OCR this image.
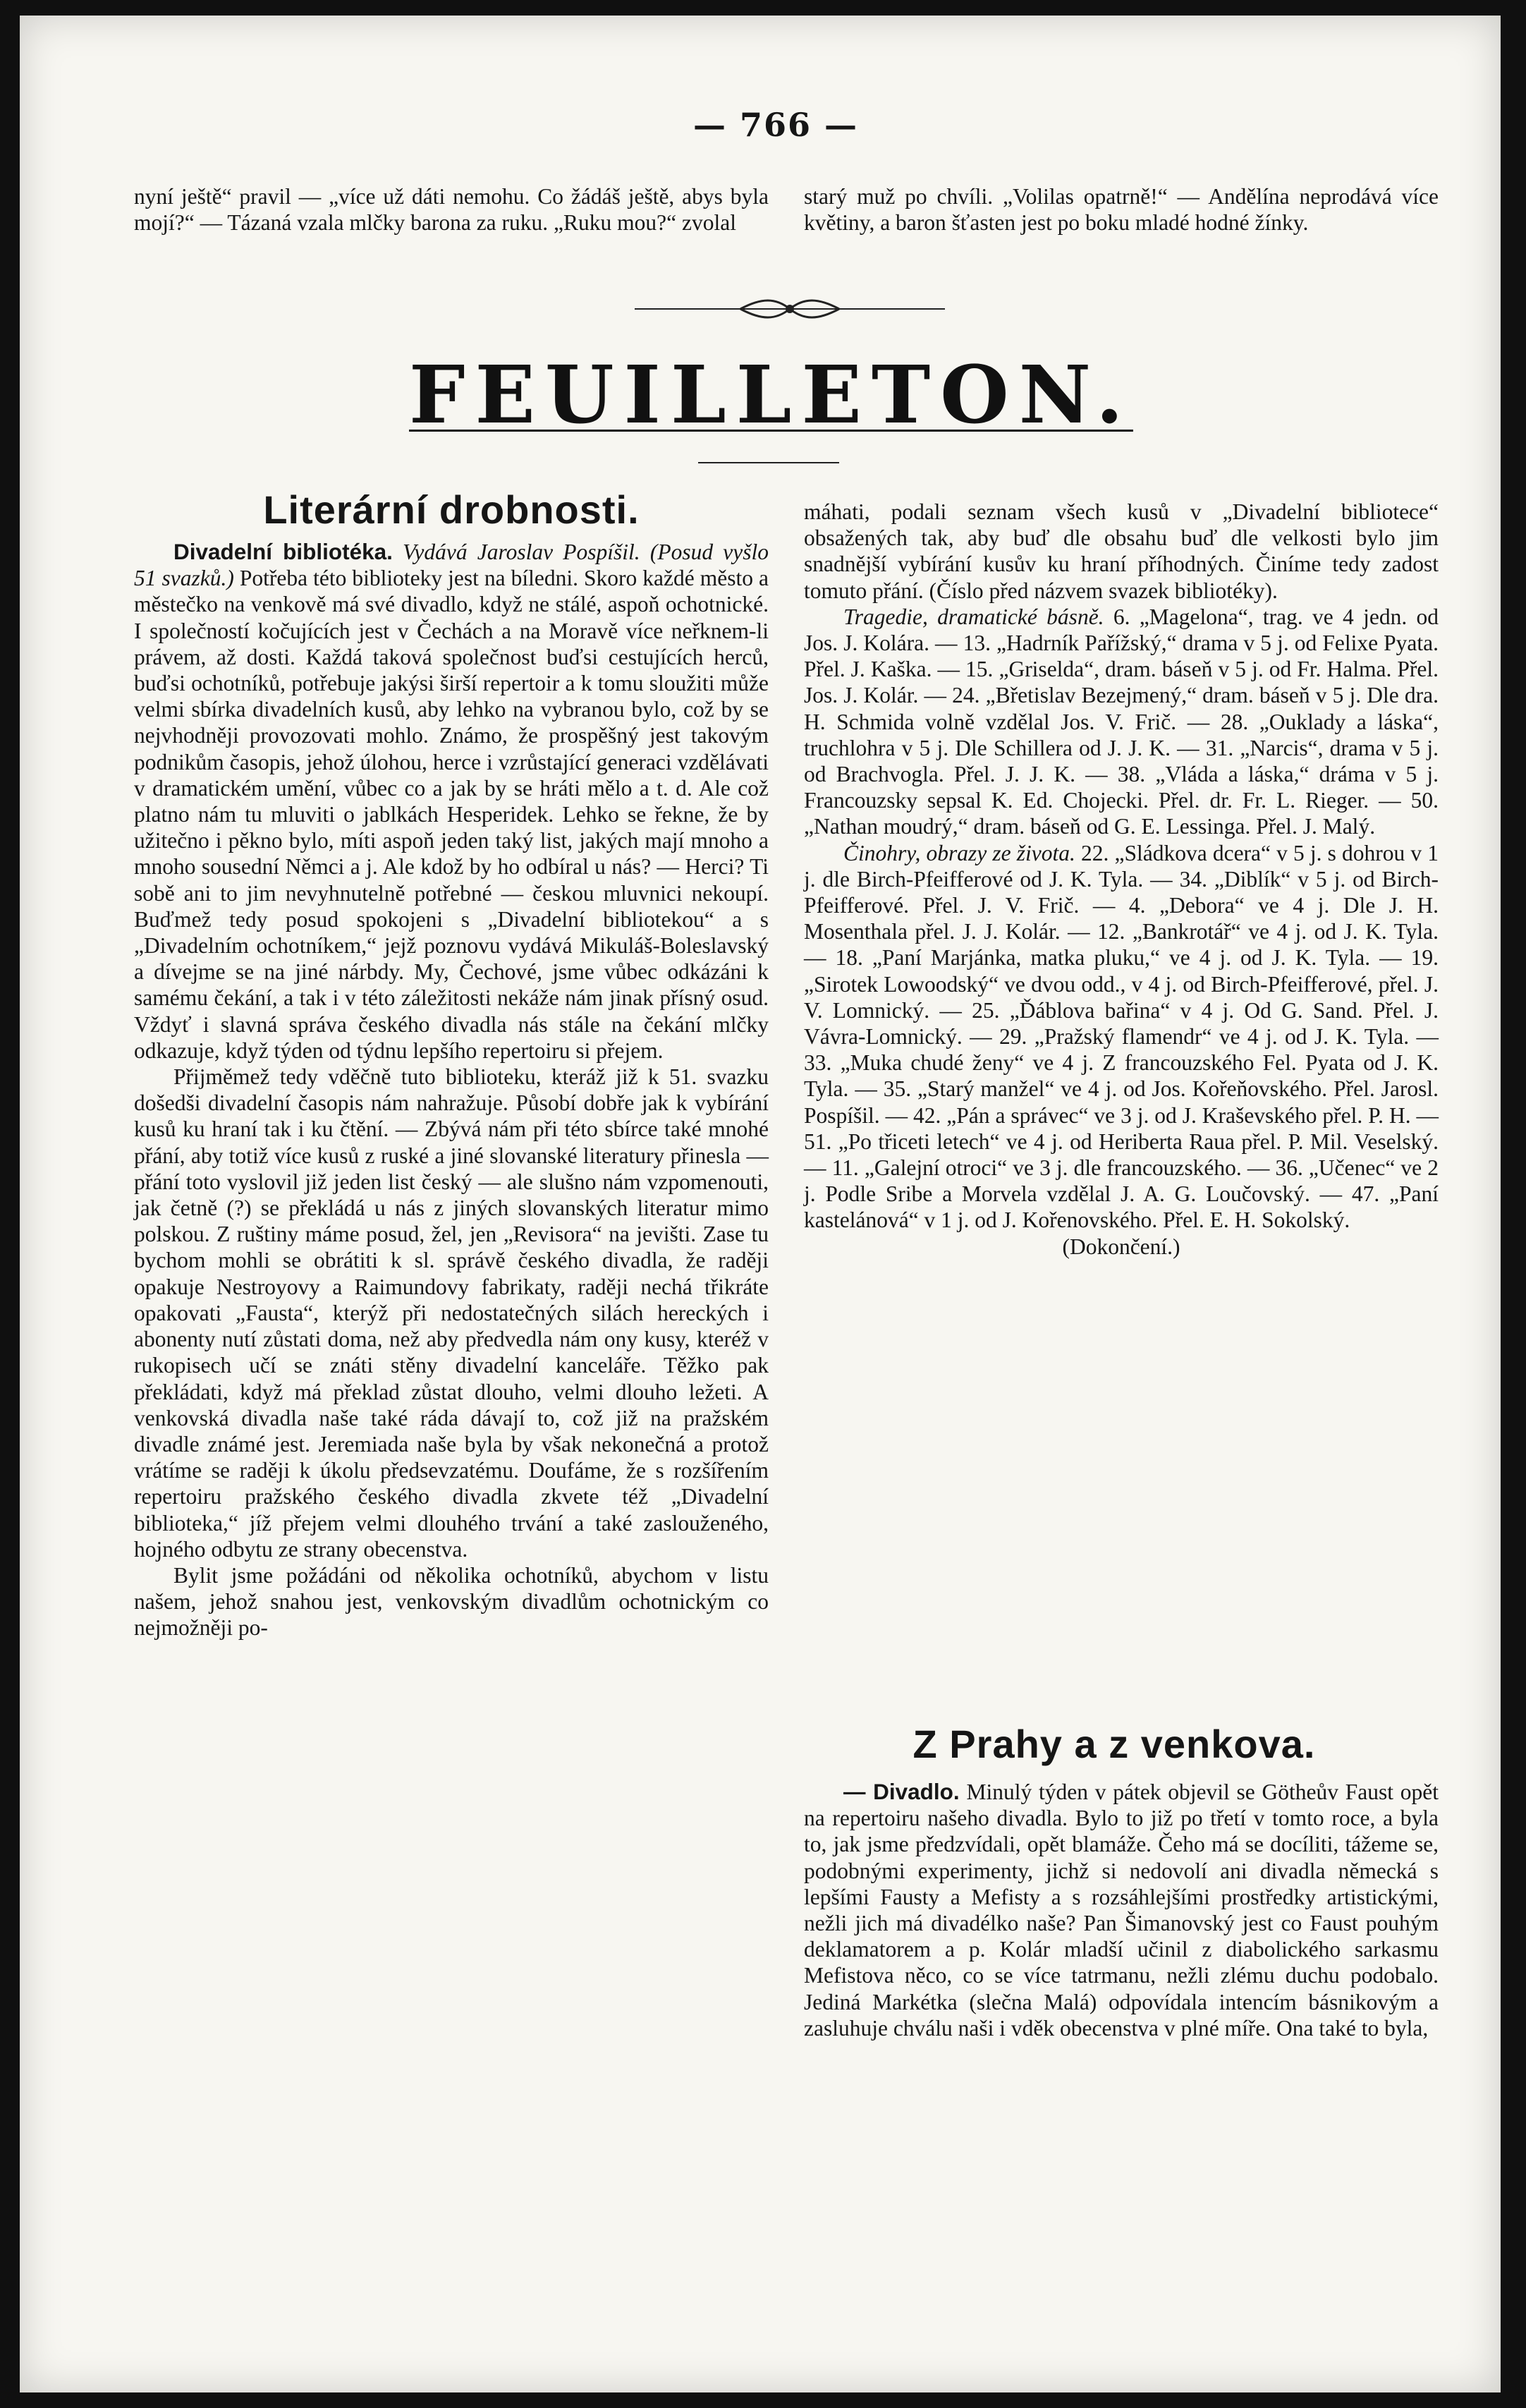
— 766 —

nyní ještě“ pravil — „více už dáti nemohu. Co žádáš ještě, abys byla mojí?“ — Tázaná vzala mlčky barona za ruku. „Ruku mou?“ zvolal

starý muž po chvíli. „Volilas opatrně!“ — Andělína neprodává více květiny, a baron šťasten jest po boku mladé hodné žínky.

FEUILLETON.
Literární drobnosti.

Divadelní bibliotéka. Vydává Jaroslav Pospíšil. (Posud vyšlo 51 svazků.) Potřeba této biblioteky jest na bíledni. Skoro každé město a městečko na venkově má své divadlo, když ne stálé, aspoň ochotnické. I společností kočujících jest v Čechách a na Moravě více neřknem-li právem, až dosti. Každá taková společnost buďsi cestujících herců, buďsi ochotníků, potřebuje jakýsi širší repertoir a k tomu sloužiti může velmi sbírka divadelních kusů, aby lehko na vybranou bylo, což by se nejvhodněji provozovati mohlo. Známo, že prospěšný jest takovým podnikům časopis, jehož úlohou, herce i vzrůstající generaci vzdělávati v dramatickém umění, vůbec co a jak by se hráti mělo a t. d. Ale což platno nám tu mluviti o jablkách Hesperidek. Lehko se řekne, že by užitečno i pěkno bylo, míti aspoň jeden taký list, jakých mají mnoho a mnoho sousední Němci a j. Ale kdož by ho odbíral u nás? — Herci? Ti sobě ani to jim nevyhnutelně potřebné — českou mluvnici nekoupí. Buďmež tedy posud spokojeni s „Divadelní bibliotekou“ a s „Divadelním ochotníkem,“ jejž poznovu vydává Mikuláš-Boleslavský a dívejme se na jiné nárbdy. My, Čechové, jsme vůbec odkázáni k samému čekání, a tak i v této záležitosti nekáže nám jinak přísný osud. Vždyť i slavná správa českého divadla nás stále na čekání mlčky odkazuje, když týden od týdnu lepšího repertoiru si přejem.

Přijměmež tedy vděčně tuto biblioteku, kteráž již k 51. svazku došedši divadelní časopis nám nahražuje. Působí dobře jak k vybírání kusů ku hraní tak i ku čtění. — Zbývá nám při této sbírce také mnohé přání, aby totiž více kusů z ruské a jiné slovanské literatury přinesla — přání toto vyslovil již jeden list český — ale slušno nám vzpomenouti, jak četně (?) se překládá u nás z jiných slovanských literatur mimo polskou. Z ruštiny máme posud, žel, jen „Revisora“ na jevišti. Zase tu bychom mohli se obrátiti k sl. správě českého divadla, že raději opakuje Nestroyovy a Raimundovy fabrikaty, raději nechá třikráte opakovati „Fausta“, kterýž při nedostatečných silách hereckých i abonenty nutí zůstati doma, než aby předvedla nám ony kusy, kteréž v rukopisech učí se znáti stěny divadelní kanceláře. Těžko pak překládati, když má překlad zůstat dlouho, velmi dlouho ležeti. A venkovská divadla naše také ráda dávají to, což již na pražském divadle známé jest. Jeremiada naše byla by však nekonečná a protož vrátíme se raději k úkolu předsevzatému. Doufáme, že s rozšířením repertoiru pražského českého divadla zkvete též „Divadelní biblioteka,“ jíž přejem velmi dlouhého trvání a také zaslouženého, hojného odbytu ze strany obecenstva.

Bylit jsme požádáni od několika ochotníků, abychom v listu našem, jehož snahou jest, venkovským divadlům ochotnickým co nejmožněji po-

máhati, podali seznam všech kusů v „Divadelní bibliotece“ obsažených tak, aby buď dle obsahu buď dle velkosti bylo jim snadnější vybírání kusův ku hraní příhodných. Činíme tedy zadost tomuto přání. (Číslo před názvem svazek bibliotéky).

Tragedie, dramatické básně. 6. „Magelona“, trag. ve 4 jedn. od Jos. J. Kolára. — 13. „Hadrník Pařížský,“ drama v 5 j. od Felixe Pyata. Přel. J. Kaška. — 15. „Griselda“, dram. báseň v 5 j. od Fr. Halma. Přel. Jos. J. Kolár. — 24. „Břetislav Bezejmený,“ dram. báseň v 5 j. Dle dra. H. Schmida volně vzdělal Jos. V. Frič. — 28. „Ouklady a láska“, truchlohra v 5 j. Dle Schillera od J. J. K. — 31. „Narcis“, drama v 5 j. od Brachvogla. Přel. J. J. K. — 38. „Vláda a láska,“ dráma v 5 j. Francouzsky sepsal K. Ed. Chojecki. Přel. dr. Fr. L. Rieger. — 50. „Nathan moudrý,“ dram. báseň od G. E. Lessinga. Přel. J. Malý.

Činohry, obrazy ze života. 22. „Sládkova dcera“ v 5 j. s dohrou v 1 j. dle Birch-Pfeifferové od J. K. Tyla. — 34. „Diblík“ v 5 j. od Birch-Pfeifferové. Přel. J. V. Frič. — 4. „Debora“ ve 4 j. Dle J. H. Mosenthala přel. J. J. Kolár. — 12. „Bankrotář“ ve 4 j. od J. K. Tyla. — 18. „Paní Marjánka, matka pluku,“ ve 4 j. od J. K. Tyla. — 19. „Sirotek Lowoodský“ ve dvou odd., v 4 j. od Birch-Pfeifferové, přel. J. V. Lomnický. — 25. „Ďáblova bařina“ v 4 j. Od G. Sand. Přel. J. Vávra-Lomnický. — 29. „Pražský flamendr“ ve 4 j. od J. K. Tyla. — 33. „Muka chudé ženy“ ve 4 j. Z francouzského Fel. Pyata od J. K. Tyla. — 35. „Starý manžel“ ve 4 j. od Jos. Kořeňovského. Přel. Jarosl. Pospíšil. — 42. „Pán a správec“ ve 3 j. od J. Kraševského přel. P. H. — 51. „Po třiceti letech“ ve 4 j. od Heriberta Raua přel. P. Mil. Veselský. — 11. „Galejní otroci“ ve 3 j. dle francouzského. — 36. „Učenec“ ve 2 j. Podle Sribe a Morvela vzdělal J. A. G. Loučovský. — 47. „Paní kastelánová“ v 1 j. od J. Kořenovského. Přel. E. H. Sokolský.

(Dokončení.)

Z Prahy a z venkova.

— Divadlo. Minulý týden v pátek objevil se Götheův Faust opět na repertoiru našeho divadla. Bylo to již po třetí v tomto roce, a byla to, jak jsme předzvídali, opět blamáže. Čeho má se docíliti, tážeme se, podobnými experimenty, jichž si nedovolí ani divadla německá s lepšími Fausty a Mefisty a s rozsáhlejšími prostředky artistickými, nežli jich má divadélko naše? Pan Šimanovský jest co Faust pouhým deklamatorem a p. Kolár mladší učinil z diabolického sarkasmu Mefistova něco, co se více tatrmanu, nežli zlému duchu podobalo. Jediná Markétka (slečna Malá) odpovídala intencím básnikovým a zasluhuje chválu naši i vděk obecenstva v plné míře. Ona také to byla,
